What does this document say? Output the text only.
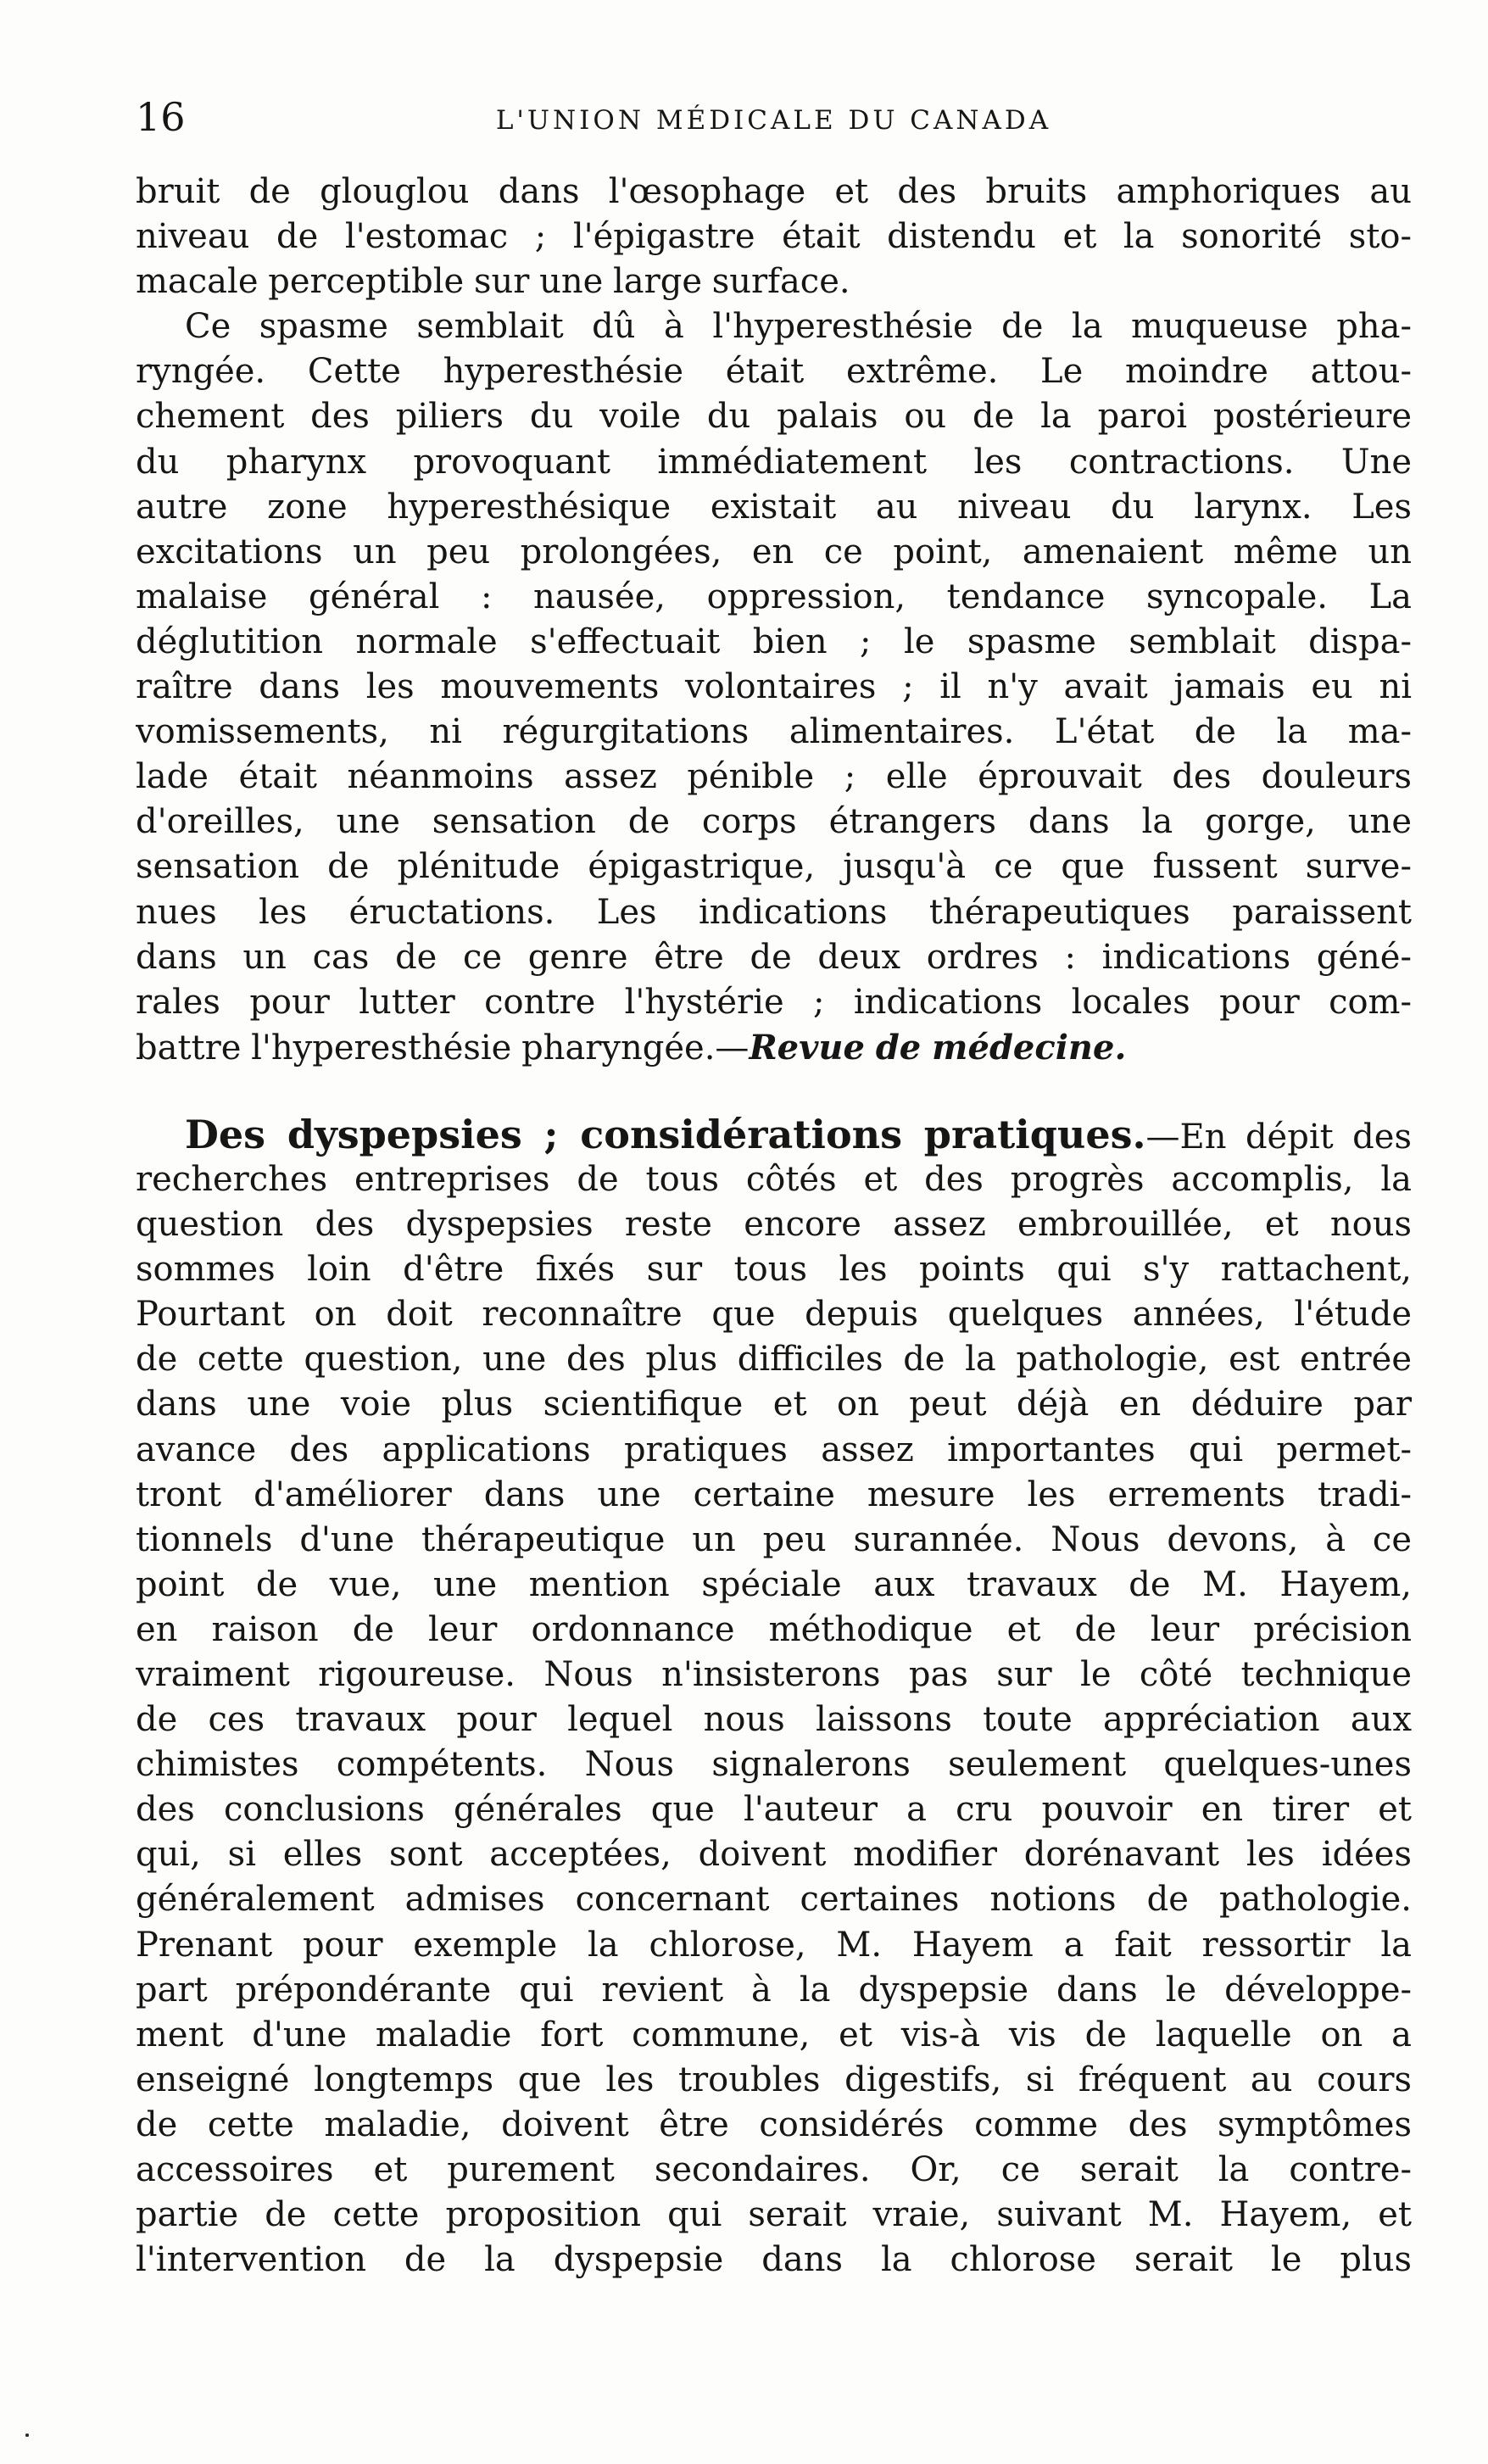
16	L'UNION MÉDICALE DU CANADA
bruit de glouglou dans l'œsophage et des bruits amphoriques au
niveau de l'estomac ; l'épigastre était distendu et la sonorité sto-
macale perceptible sur une large surface.
Ce spasme semblait dû à l'hyperesthésie de la muqueuse pha-
ryngée. Cette hyperesthésie était extrême. Le moindre attou-
chement des piliers du voile du palais ou de la paroi postérieure
du pharynx provoquant immédiatement les contractions. Une
autre zone hyperesthésique existait au niveau du larynx. Les
excitations un peu prolongées, en ce point, amenaient même un
malaise général : nausée, oppression, tendance syncopale. La
déglutition normale s'effectuait bien ; le spasme semblait dispa-
raître dans les mouvements volontaires ; il n'y avait jamais eu ni
vomissements, ni régurgitations alimentaires. L'état de la ma-
lade était néanmoins assez pénible ; elle éprouvait des douleurs
d'oreilles, une sensation de corps étrangers dans la gorge, une
sensation de plénitude épigastrique, jusqu'à ce que fussent surve-
nues les éructations. Les indications thérapeutiques paraissent
dans un cas de ce genre être de deux ordres : indications géné-
rales pour lutter contre l'hystérie ; indications locales pour com-
battre l'hyperesthésie pharyngée.—Revue de médecine.
Des dyspepsies ; considérations pratiques.—En dépit des
recherches entreprises de tous côtés et des progrès accomplis, la
question des dyspepsies reste encore assez embrouillée, et nous
sommes loin d'être fixés sur tous les points qui s'y rattachent,
Pourtant on doit reconnaître que depuis quelques années, l'étude
de cette question, une des plus difficiles de la pathologie, est entrée
dans une voie plus scientifique et on peut déjà en déduire par
avance des applications pratiques assez importantes qui permet-
tront d'améliorer dans une certaine mesure les errements tradi-
tionnels d'une thérapeutique un peu surannée. Nous devons, à ce
point de vue, une mention spéciale aux travaux de M. Hayem,
en raison de leur ordonnance méthodique et de leur précision
vraiment rigoureuse. Nous n'insisterons pas sur le côté technique
de ces travaux pour lequel nous laissons toute appréciation aux
chimistes compétents. Nous signalerons seulement quelques-unes
des conclusions générales que l'auteur a cru pouvoir en tirer et
qui, si elles sont acceptées, doivent modifier dorénavant les idées
généralement admises concernant certaines notions de pathologie.
Prenant pour exemple la chlorose, M. Hayem a fait ressortir la
part prépondérante qui revient à la dyspepsie dans le développe-
ment d'une maladie fort commune, et vis-à vis de laquelle on a
enseigné longtemps que les troubles digestifs, si fréquent au cours
de cette maladie, doivent être considérés comme des symptômes
accessoires et purement secondaires. Or, ce serait la contre-
partie de cette proposition qui serait vraie, suivant M. Hayem, et
l'intervention de la dyspepsie dans la chlorose serait le plus
